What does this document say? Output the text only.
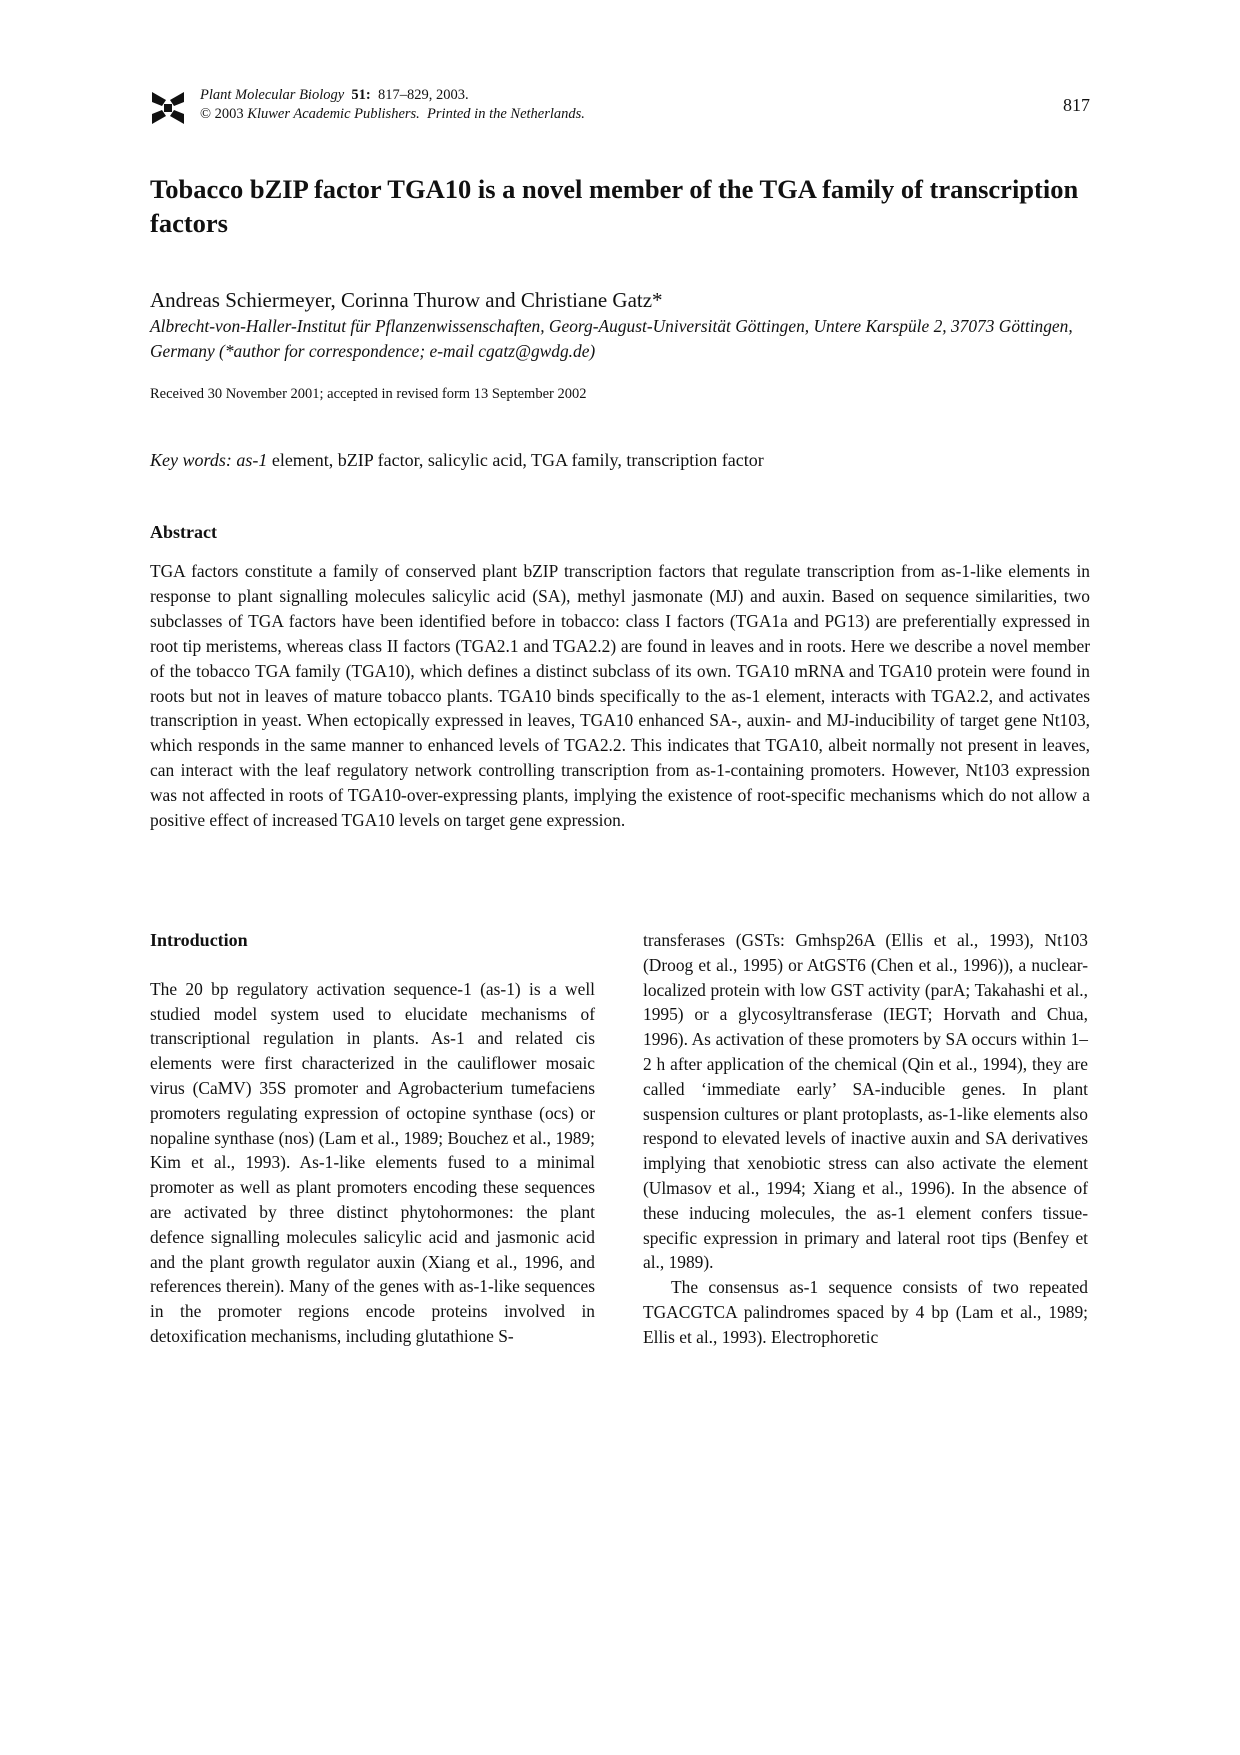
Plant Molecular Biology 51: 817–829, 2003.
© 2003 Kluwer Academic Publishers. Printed in the Netherlands.	817
Tobacco bZIP factor TGA10 is a novel member of the TGA family of transcription factors
Andreas Schiermeyer, Corinna Thurow and Christiane Gatz*
Albrecht-von-Haller-Institut für Pflanzenwissenschaften, Georg-August-Universität Göttingen, Untere Karspüle 2, 37073 Göttingen, Germany (*author for correspondence; e-mail cgatz@gwdg.de)
Received 30 November 2001; accepted in revised form 13 September 2002
Key words: as-1 element, bZIP factor, salicylic acid, TGA family, transcription factor
Abstract

TGA factors constitute a family of conserved plant bZIP transcription factors that regulate transcription from as-1-like elements in response to plant signalling molecules salicylic acid (SA), methyl jasmonate (MJ) and auxin. Based on sequence similarities, two subclasses of TGA factors have been identified before in tobacco: class I factors (TGA1a and PG13) are preferentially expressed in root tip meristems, whereas class II factors (TGA2.1 and TGA2.2) are found in leaves and in roots. Here we describe a novel member of the tobacco TGA family (TGA10), which defines a distinct subclass of its own. TGA10 mRNA and TGA10 protein were found in roots but not in leaves of mature tobacco plants. TGA10 binds specifically to the as-1 element, interacts with TGA2.2, and activates transcription in yeast. When ectopically expressed in leaves, TGA10 enhanced SA-, auxin- and MJ-inducibility of target gene Nt103, which responds in the same manner to enhanced levels of TGA2.2. This indicates that TGA10, albeit normally not present in leaves, can interact with the leaf regulatory network controlling transcription from as-1-containing promoters. However, Nt103 expression was not affected in roots of TGA10-over-expressing plants, implying the existence of root-specific mechanisms which do not allow a positive effect of increased TGA10 levels on target gene expression.

Introduction

The 20 bp regulatory activation sequence-1 (as-1) is a well studied model system used to elucidate mechanisms of transcriptional regulation in plants. As-1 and related cis elements were first characterized in the cauliflower mosaic virus (CaMV) 35S promoter and Agrobacterium tumefaciens promoters regulating expression of octopine synthase (ocs) or nopaline synthase (nos) (Lam et al., 1989; Bouchez et al., 1989; Kim et al., 1993). As-1-like elements fused to a minimal promoter as well as plant promoters encoding these sequences are activated by three distinct phytohormones: the plant defence signalling molecules salicylic acid and jasmonic acid and the plant growth regulator auxin (Xiang et al., 1996, and references therein). Many of the genes with as-1-like sequences in the promoter regions encode proteins involved in detoxification mechanisms, including glutathione S-

transferases (GSTs: Gmhsp26A (Ellis et al., 1993), Nt103 (Droog et al., 1995) or AtGST6 (Chen et al., 1996)), a nuclear-localized protein with low GST activity (parA; Takahashi et al., 1995) or a glycosyltransferase (IEGT; Horvath and Chua, 1996). As activation of these promoters by SA occurs within 1–2 h after application of the chemical (Qin et al., 1994), they are called ‘immediate early’ SA-inducible genes. In plant suspension cultures or plant protoplasts, as-1-like elements also respond to elevated levels of inactive auxin and SA derivatives implying that xenobiotic stress can also activate the element (Ulmasov et al., 1994; Xiang et al., 1996). In the absence of these inducing molecules, the as-1 element confers tissue-specific expression in primary and lateral root tips (Benfey et al., 1989).

The consensus as-1 sequence consists of two repeated TGACGTCA palindromes spaced by 4 bp (Lam et al., 1989; Ellis et al., 1993). Electrophoretic
